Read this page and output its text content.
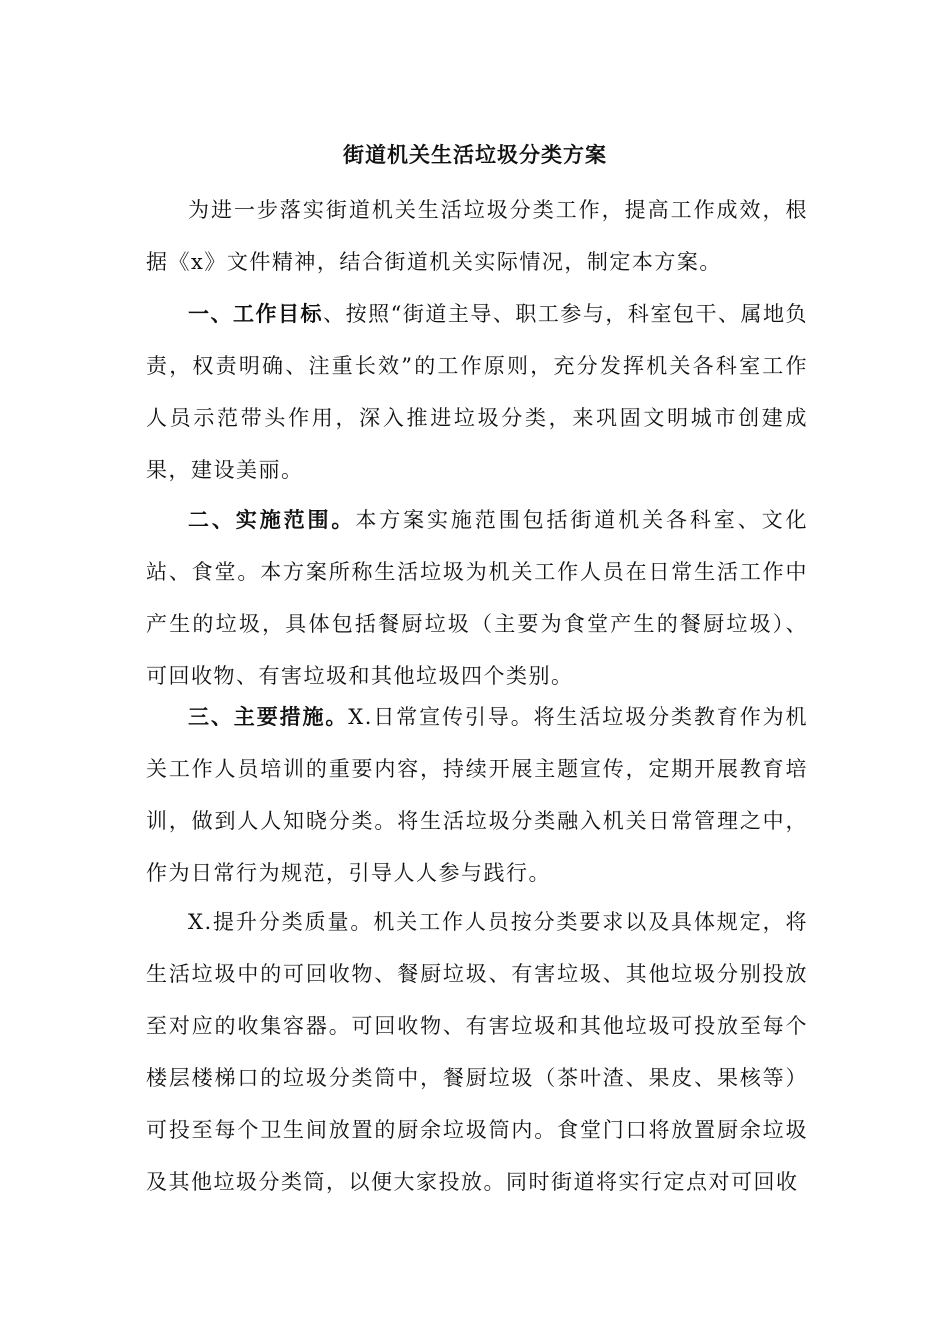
街道机关生活垃圾分类方案

为进一步落实街道机关生活垃圾分类工作，提高工作成效，根据《x》文件精神，结合街道机关实际情况，制定本方案。

一、工作目标、按照“街道主导、职工参与，科室包干、属地负责，权责明确、注重长效”的工作原则，充分发挥机关各科室工作人员示范带头作用，深入推进垃圾分类，来巩固文明城市创建成果，建设美丽。

二、实施范围。本方案实施范围包括街道机关各科室、文化站、食堂。本方案所称生活垃圾为机关工作人员在日常生活工作中产生的垃圾，具体包括餐厨垃圾（主要为食堂产生的餐厨垃圾）、可回收物、有害垃圾和其他垃圾四个类别。

三、主要措施。X.日常宣传引导。将生活垃圾分类教育作为机关工作人员培训的重要内容，持续开展主题宣传，定期开展教育培训，做到人人知晓分类。将生活垃圾分类融入机关日常管理之中，作为日常行为规范，引导人人参与践行。

X.提升分类质量。机关工作人员按分类要求以及具体规定，将生活垃圾中的可回收物、餐厨垃圾、有害垃圾、其他垃圾分别投放至对应的收集容器。可回收物、有害垃圾和其他垃圾可投放至每个楼层楼梯口的垃圾分类筒中，餐厨垃圾（茶叶渣、果皮、果核等）可投至每个卫生间放置的厨余垃圾筒内。食堂门口将放置厨余垃圾及其他垃圾分类筒，以便大家投放。同时街道将实行定点对可回收
